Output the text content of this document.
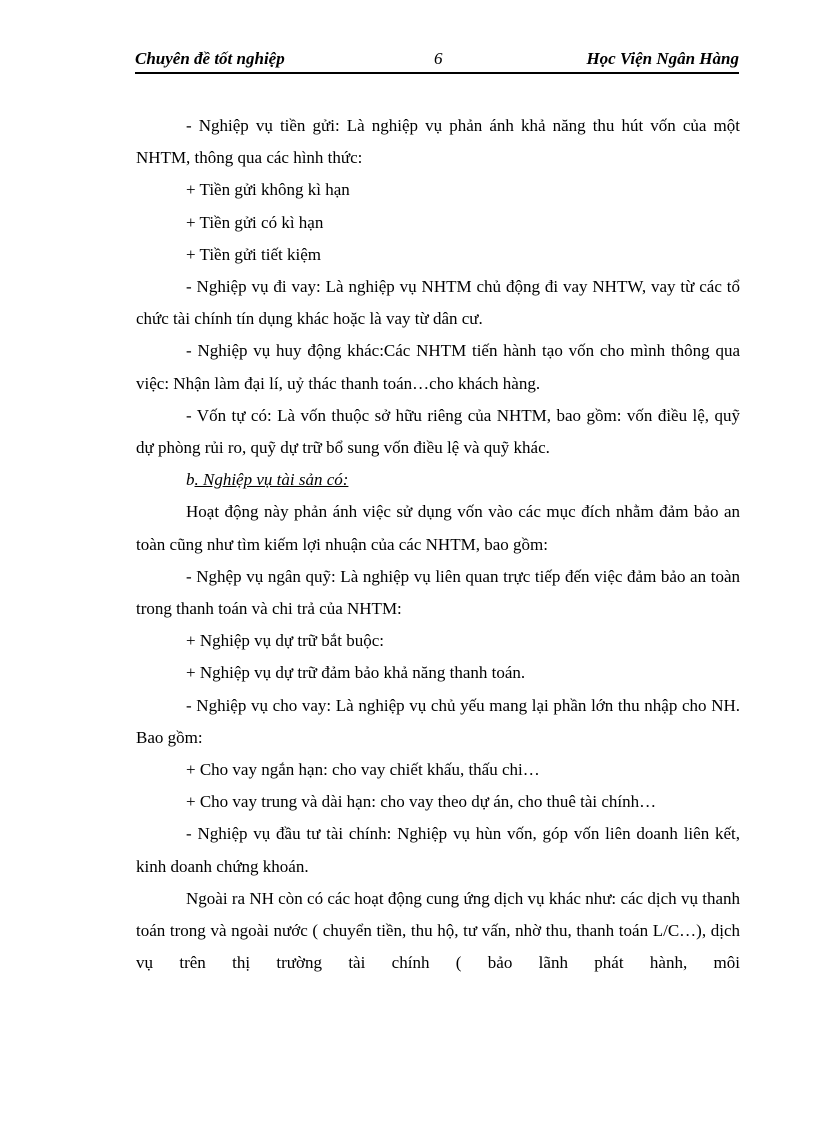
Chuyên đề tốt nghiệp	6	Học Viện Ngân Hàng

- Nghiệp vụ tiền gửi: Là nghiệp vụ phản ánh khả năng thu hút vốn của một NHTM, thông qua các hình thức:

+ Tiền gửi không kì hạn

+ Tiền gửi có kì hạn

+ Tiền gửi tiết kiệm

- Nghiệp vụ đi vay: Là nghiệp vụ NHTM chủ động đi vay NHTW, vay từ các tổ chức tài chính tín dụng khác hoặc là vay từ dân cư.

- Nghiệp vụ huy động khác:Các NHTM tiến hành tạo vốn cho mình thông qua việc: Nhận làm đại lí, uỷ thác thanh toán…cho khách hàng.

- Vốn tự có: Là vốn thuộc sở hữu riêng của NHTM, bao gồm: vốn điều lệ, quỹ dự phòng rủi ro, quỹ dự trữ bổ sung vốn điều lệ và quỹ khác.

b. Nghiệp vụ tài sản có:

Hoạt động này phản ánh việc sử dụng vốn vào các mục đích nhằm đảm bảo an toàn cũng như tìm kiếm lợi nhuận của các NHTM, bao gồm:

- Nghệp vụ ngân quỹ: Là nghiệp vụ liên quan trực tiếp đến việc đảm bảo an toàn trong thanh toán và chi trả của NHTM:

+ Nghiệp vụ dự trữ bắt buộc:

+ Nghiệp vụ dự trữ đảm bảo khả năng thanh toán.

- Nghiệp vụ cho vay: Là nghiệp vụ chủ yếu mang lại phần lớn thu nhập cho NH. Bao gồm:

+ Cho vay ngắn hạn: cho vay chiết khấu, thấu chi…

+ Cho vay trung và dài hạn: cho vay theo dự án, cho thuê tài chính…

- Nghiệp vụ đầu tư tài chính: Nghiệp vụ hùn vốn, góp vốn liên doanh liên kết, kinh doanh chứng khoán.

Ngoài ra NH còn có các hoạt động cung ứng dịch vụ khác như: các dịch vụ thanh toán trong và ngoài nước ( chuyển tiền, thu hộ, tư vấn, nhờ thu, thanh toán L/C…), dịch vụ trên thị trường tài chính ( bảo lãnh phát hành, môi
